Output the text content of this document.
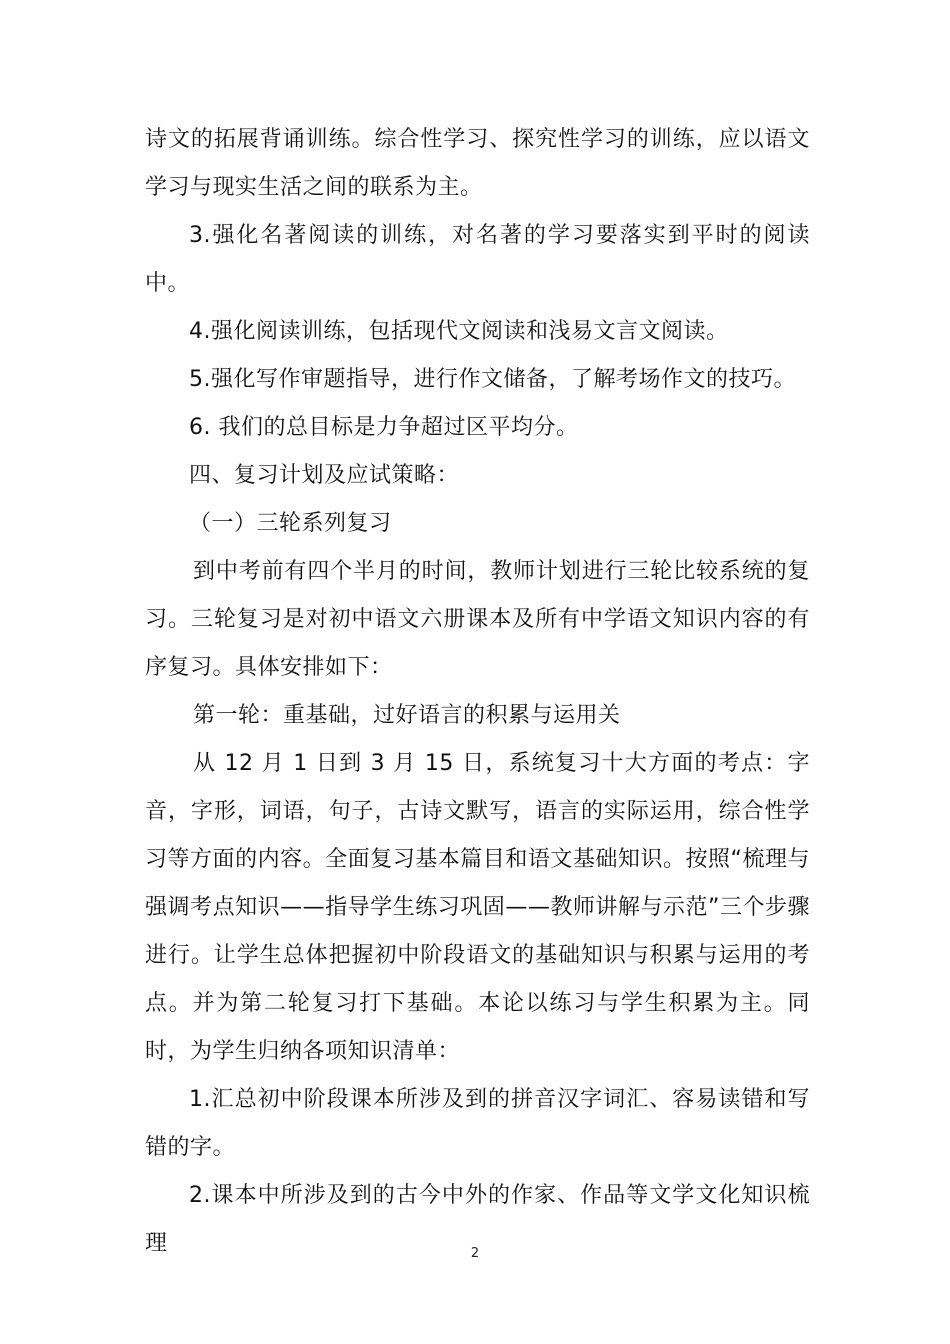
诗文的拓展背诵训练。综合性学习、探究性学习的训练，应以语文学习与现实生活之间的联系为主。

3.强化名著阅读的训练，对名著的学习要落实到平时的阅读中。

4.强化阅读训练，包括现代文阅读和浅易文言文阅读。

5.强化写作审题指导，进行作文储备，了解考场作文的技巧。

6. 我们的总目标是力争超过区平均分。

四、复习计划及应试策略：

（一）三轮系列复习

到中考前有四个半月的时间，教师计划进行三轮比较系统的复习。三轮复习是对初中语文六册课本及所有中学语文知识内容的有序复习。具体安排如下：

第一轮：重基础，过好语言的积累与运用关

从 12 月 1 日到 3 月 15 日，系统复习十大方面的考点：字音，字形，词语，句子，古诗文默写，语言的实际运用，综合性学习等方面的内容。全面复习基本篇目和语文基础知识。按照“梳理与强调考点知识——指导学生练习巩固——教师讲解与示范”三个步骤进行。让学生总体把握初中阶段语文的基础知识与积累与运用的考点。并为第二轮复习打下基础。本论以练习与学生积累为主。同时，为学生归纳各项知识清单：

1.汇总初中阶段课本所涉及到的拼音汉字词汇、容易读错和写错的字。

2.课本中所涉及到的古今中外的作家、作品等文学文化知识梳理	2
